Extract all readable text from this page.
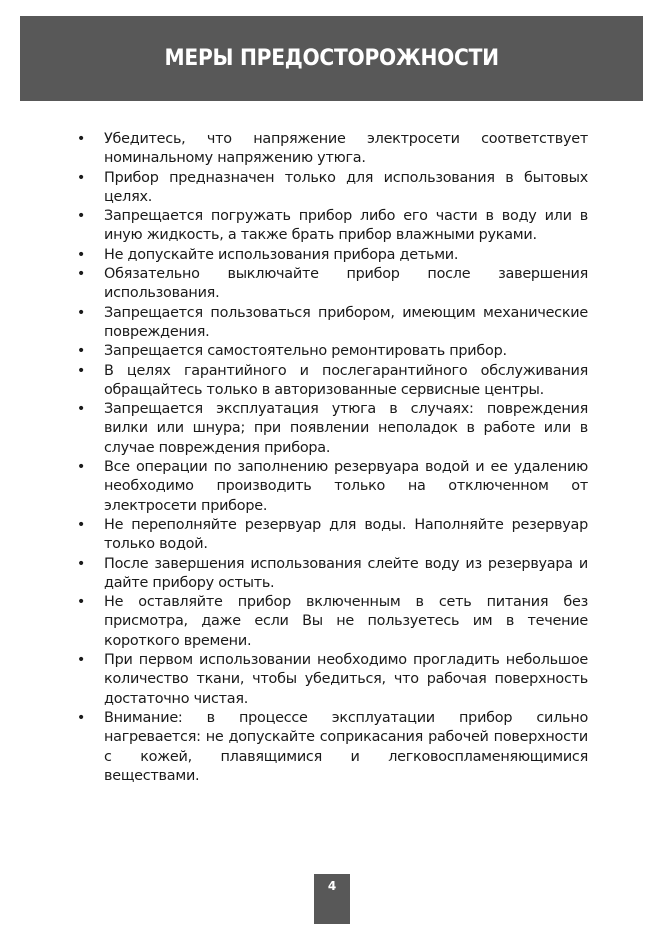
МЕРЫ ПРЕДОСТОРОЖНОСТИ
• Убедитесь, что напряжение электросети соответствует номинальному напряжению утюга.
• Прибор предназначен только для использования в бытовых целях.
• Запрещается погружать прибор либо его части в воду или в иную жидкость, а также брать прибор влажными руками.
• Не допускайте использования прибора детьми.
• Обязательно выключайте прибор после завершения использования.
• Запрещается пользоваться прибором, имеющим механические повреждения.
• Запрещается самостоятельно ремонтировать прибор.
• В целях гарантийного и послегарантийного обслуживания обращайтесь только в авторизованные сервисные центры.
• Запрещается эксплуатация утюга в случаях: повреждения вилки или шнура; при появлении неполадок в работе или в случае повреждения прибора.
• Все операции по заполнению резервуара водой и ее удалению необходимо производить только на отключенном от электросети приборе.
• Не переполняйте резервуар для воды. Наполняйте резервуар только водой.
• После завершения использования слейте воду из резервуара и дайте прибору остыть.
• Не оставляйте прибор включенным в сеть питания без присмотра, даже если Вы не пользуетесь им в течение короткого времени.
• При первом использовании необходимо прогладить небольшое количество ткани, чтобы убедиться, что рабочая поверхность достаточно чистая.
• Внимание: в процессе эксплуатации прибор сильно нагревается: не допускайте соприкасания рабочей поверхности с кожей, плавящимися и легковоспламеняющимися веществами.
4
